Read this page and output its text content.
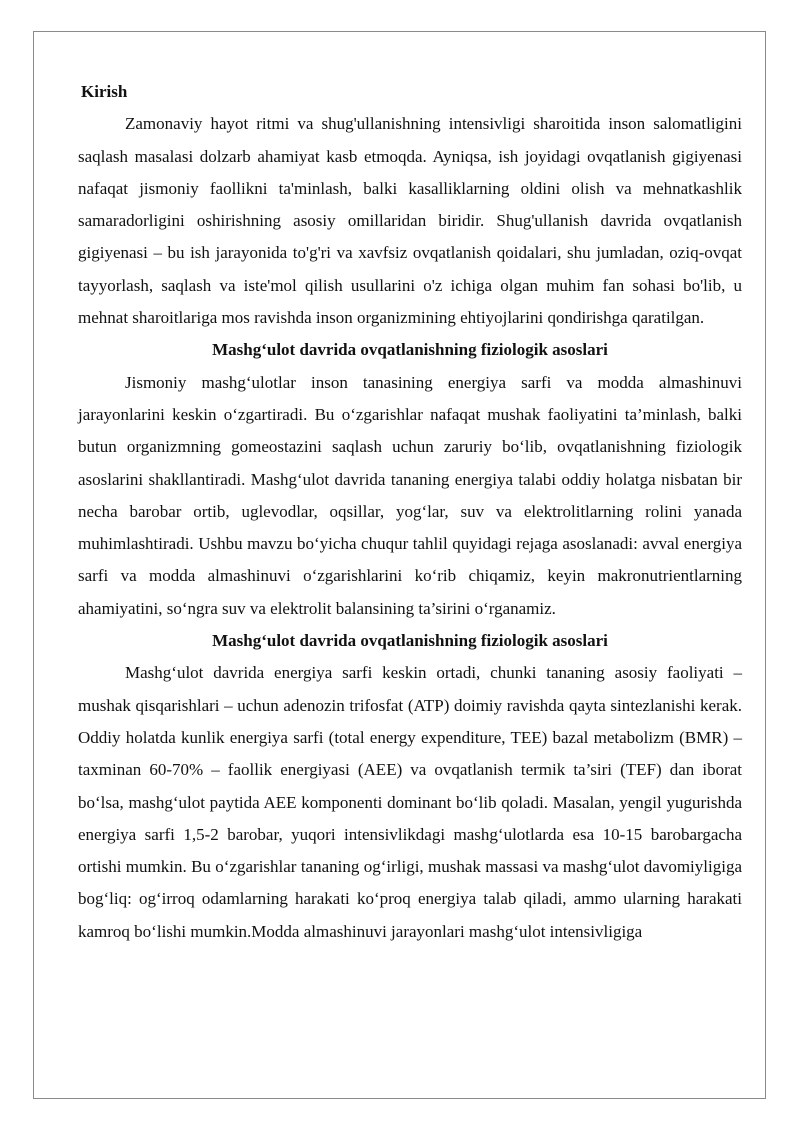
Kirish

Zamonaviy hayot ritmi va shug'ullanishning intensivligi sharoitida inson salomatligini saqlash masalasi dolzarb ahamiyat kasb etmoqda. Ayniqsa, ish joyidagi ovqatlanish gigiyenasi nafaqat jismoniy faollikni ta'minlash, balki kasalliklarning oldini olish va mehnatkashlik samaradorligini oshirishning asosiy omillaridan biridir. Shug'ullanish davrida ovqatlanish gigiyenasi – bu ish jarayonida to'g'ri va xavfsiz ovqatlanish qoidalari, shu jumladan, oziq-ovqat tayyorlash, saqlash va iste'mol qilish usullarini o'z ichiga olgan muhim fan sohasi bo'lib, u mehnat sharoitlariga mos ravishda inson organizmining ehtiyojlarini qondirishga qaratilgan.

Mashg‘ulot davrida ovqatlanishning fiziologik asoslari

Jismoniy mashg‘ulotlar inson tanasining energiya sarfi va modda almashinuvi jarayonlarini keskin o‘zgartiradi. Bu o‘zgarishlar nafaqat mushak faoliyatini ta’minlash, balki butun organizmning gomeostazini saqlash uchun zaruriy bo‘lib, ovqatlanishning fiziologik asoslarini shakllantiradi. Mashg‘ulot davrida tananing energiya talabi oddiy holatga nisbatan bir necha barobar ortib, uglevodlar, oqsillar, yog‘lar, suv va elektrolitlarning rolini yanada muhimlashtiradi. Ushbu mavzu bo‘yicha chuqur tahlil quyidagi rejaga asoslanadi: avval energiya sarfi va modda almashinuvi o‘zgarishlarini ko‘rib chiqamiz, keyin makronutrientlarning ahamiyatini, so‘ngra suv va elektrolit balansining ta’sirini o‘rganamiz.

Mashg‘ulot davrida ovqatlanishning fiziologik asoslari

Mashg‘ulot davrida energiya sarfi keskin ortadi, chunki tananing asosiy faoliyati – mushak qisqarishlari – uchun adenozin trifosfat (ATP) doimiy ravishda qayta sintezlanishi kerak. Oddiy holatda kunlik energiya sarfi (total energy expenditure, TEE) bazal metabolizm (BMR) – taxminan 60-70% – faollik energiyasi (AEE) va ovqatlanish termik ta’siri (TEF) dan iborat bo‘lsa, mashg‘ulot paytida AEE komponenti dominant bo‘lib qoladi. Masalan, yengil yugurishda energiya sarfi 1,5-2 barobar, yuqori intensivlikdagi mashg‘ulotlarda esa 10-15 barobargacha ortishi mumkin. Bu o‘zgarishlar tananing og‘irligi, mushak massasi va mashg‘ulot davomiyligiga bog‘liq: og‘irroq odamlarning harakati ko‘proq energiya talab qiladi, ammo ularning harakati kamroq bo‘lishi mumkin.Modda almashinuvi jarayonlari mashg‘ulot intensivligiga
